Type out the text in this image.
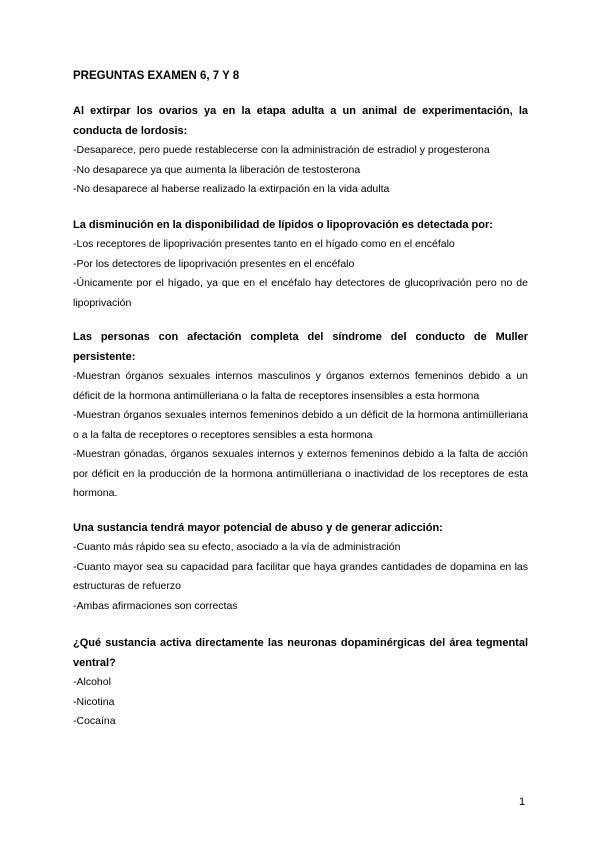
PREGUNTAS EXAMEN 6, 7 Y 8

Al extirpar los ovarios ya en la etapa adulta a un animal de experimentación, la conducta de lordosis:

-Desaparece, pero puede restablecerse con la administración de estradiol y progesterona

-No desaparece ya que aumenta la liberación de testosterona

-No desaparece al haberse realizado la extirpación en la vida adulta

La disminución en la disponibilidad de lípidos o lipoprovación es detectada por:

-Los receptores de lipoprivación presentes tanto en el hígado como en el encéfalo

-Por los detectores de lipoprivación presentes en el encéfalo

-Únicamente por el hígado, ya que en el encéfalo hay detectores de glucoprivación pero no de lipoprivación

Las personas con afectación completa del síndrome del conducto de Muller persistente:

-Muestran órganos sexuales internos masculinos y órganos externos femeninos debido a un déficit de la hormona antimülleriana o la falta de receptores insensibles a esta hormona

-Muestran órganos sexuales internos femeninos debido a un déficit de la hormona antimülleriana o a la falta de receptores o receptores sensibles a esta hormona

-Muestran gónadas, órganos sexuales internos y externos femeninos debido a la falta de acción por déficit en la producción de la hormona antimülleriana o inactividad de los receptores de esta hormona.

Una sustancia tendrá mayor potencial de abuso y de generar adicción:

-Cuanto más rápido sea su efecto, asociado a la vía de administración

-Cuanto mayor sea su capacidad para facilitar que haya grandes cantidades de dopamina en las estructuras de refuerzo

-Ambas afirmaciones son correctas

¿Qué sustancia activa directamente las neuronas dopaminérgicas del área tegmental ventral?

-Alcohol

-Nicotina

-Cocaína

1
